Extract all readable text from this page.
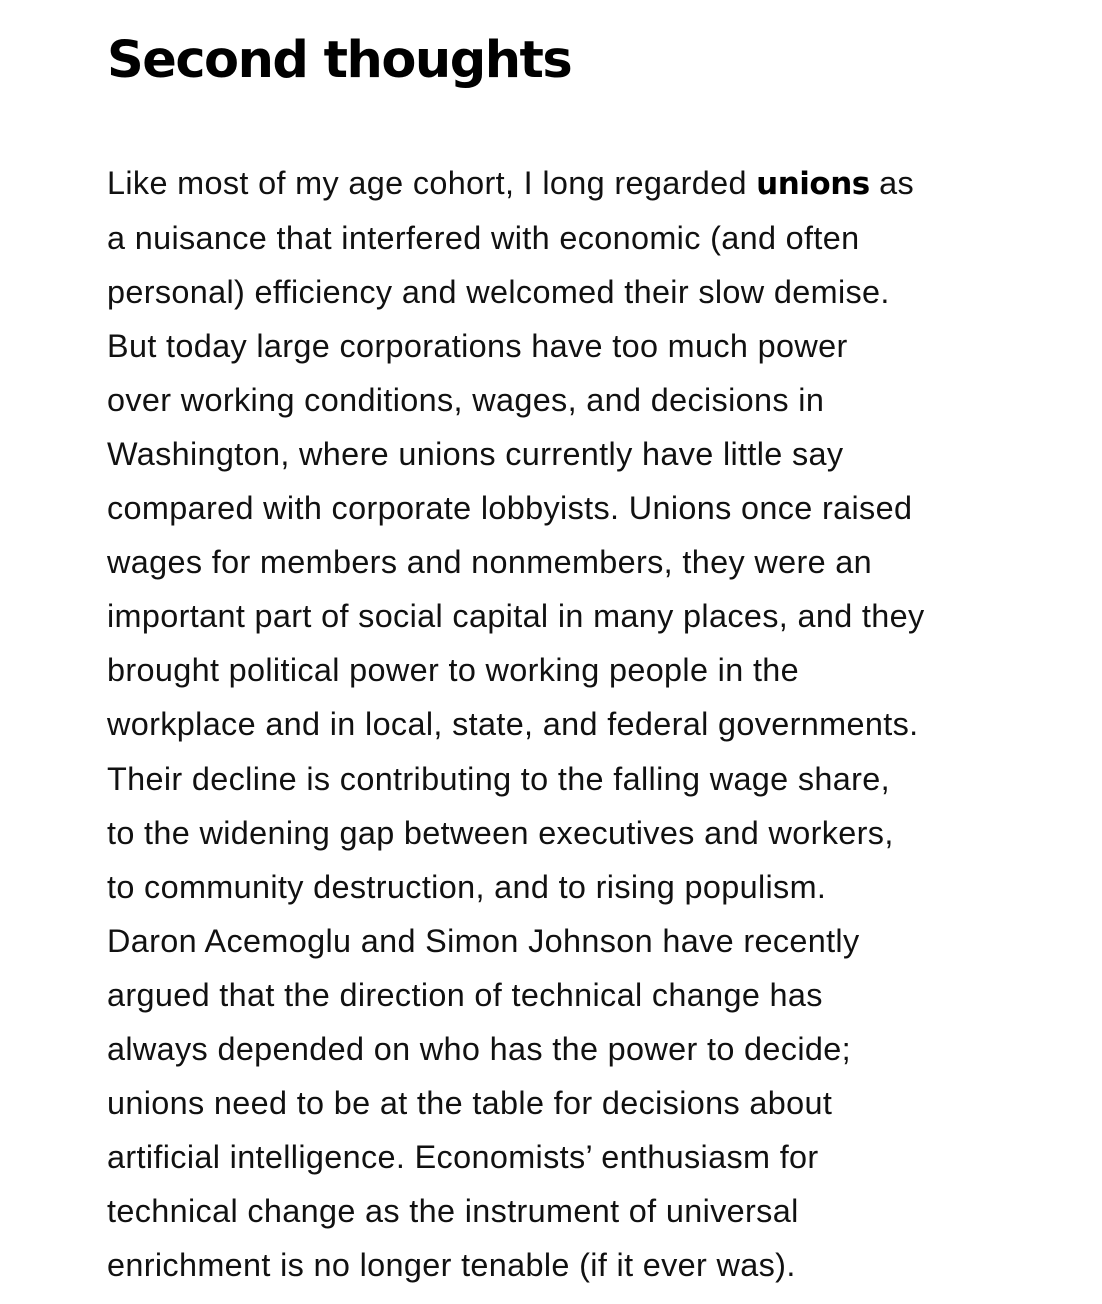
Second thoughts

Like most of my age cohort, I long regarded unions as
a nuisance that interfered with economic (and often
personal) efficiency and welcomed their slow demise.
But today large corporations have too much power
over working conditions, wages, and decisions in
Washington, where unions currently have little say
compared with corporate lobbyists. Unions once raised
wages for members and nonmembers, they were an
important part of social capital in many places, and they
brought political power to working people in the
workplace and in local, state, and federal governments.
Their decline is contributing to the falling wage share,
to the widening gap between executives and workers,
to community destruction, and to rising populism.
Daron Acemoglu and Simon Johnson have recently
argued that the direction of technical change has
always depended on who has the power to decide;
unions need to be at the table for decisions about
artificial intelligence. Economists’ enthusiasm for
technical change as the instrument of universal
enrichment is no longer tenable (if it ever was).
